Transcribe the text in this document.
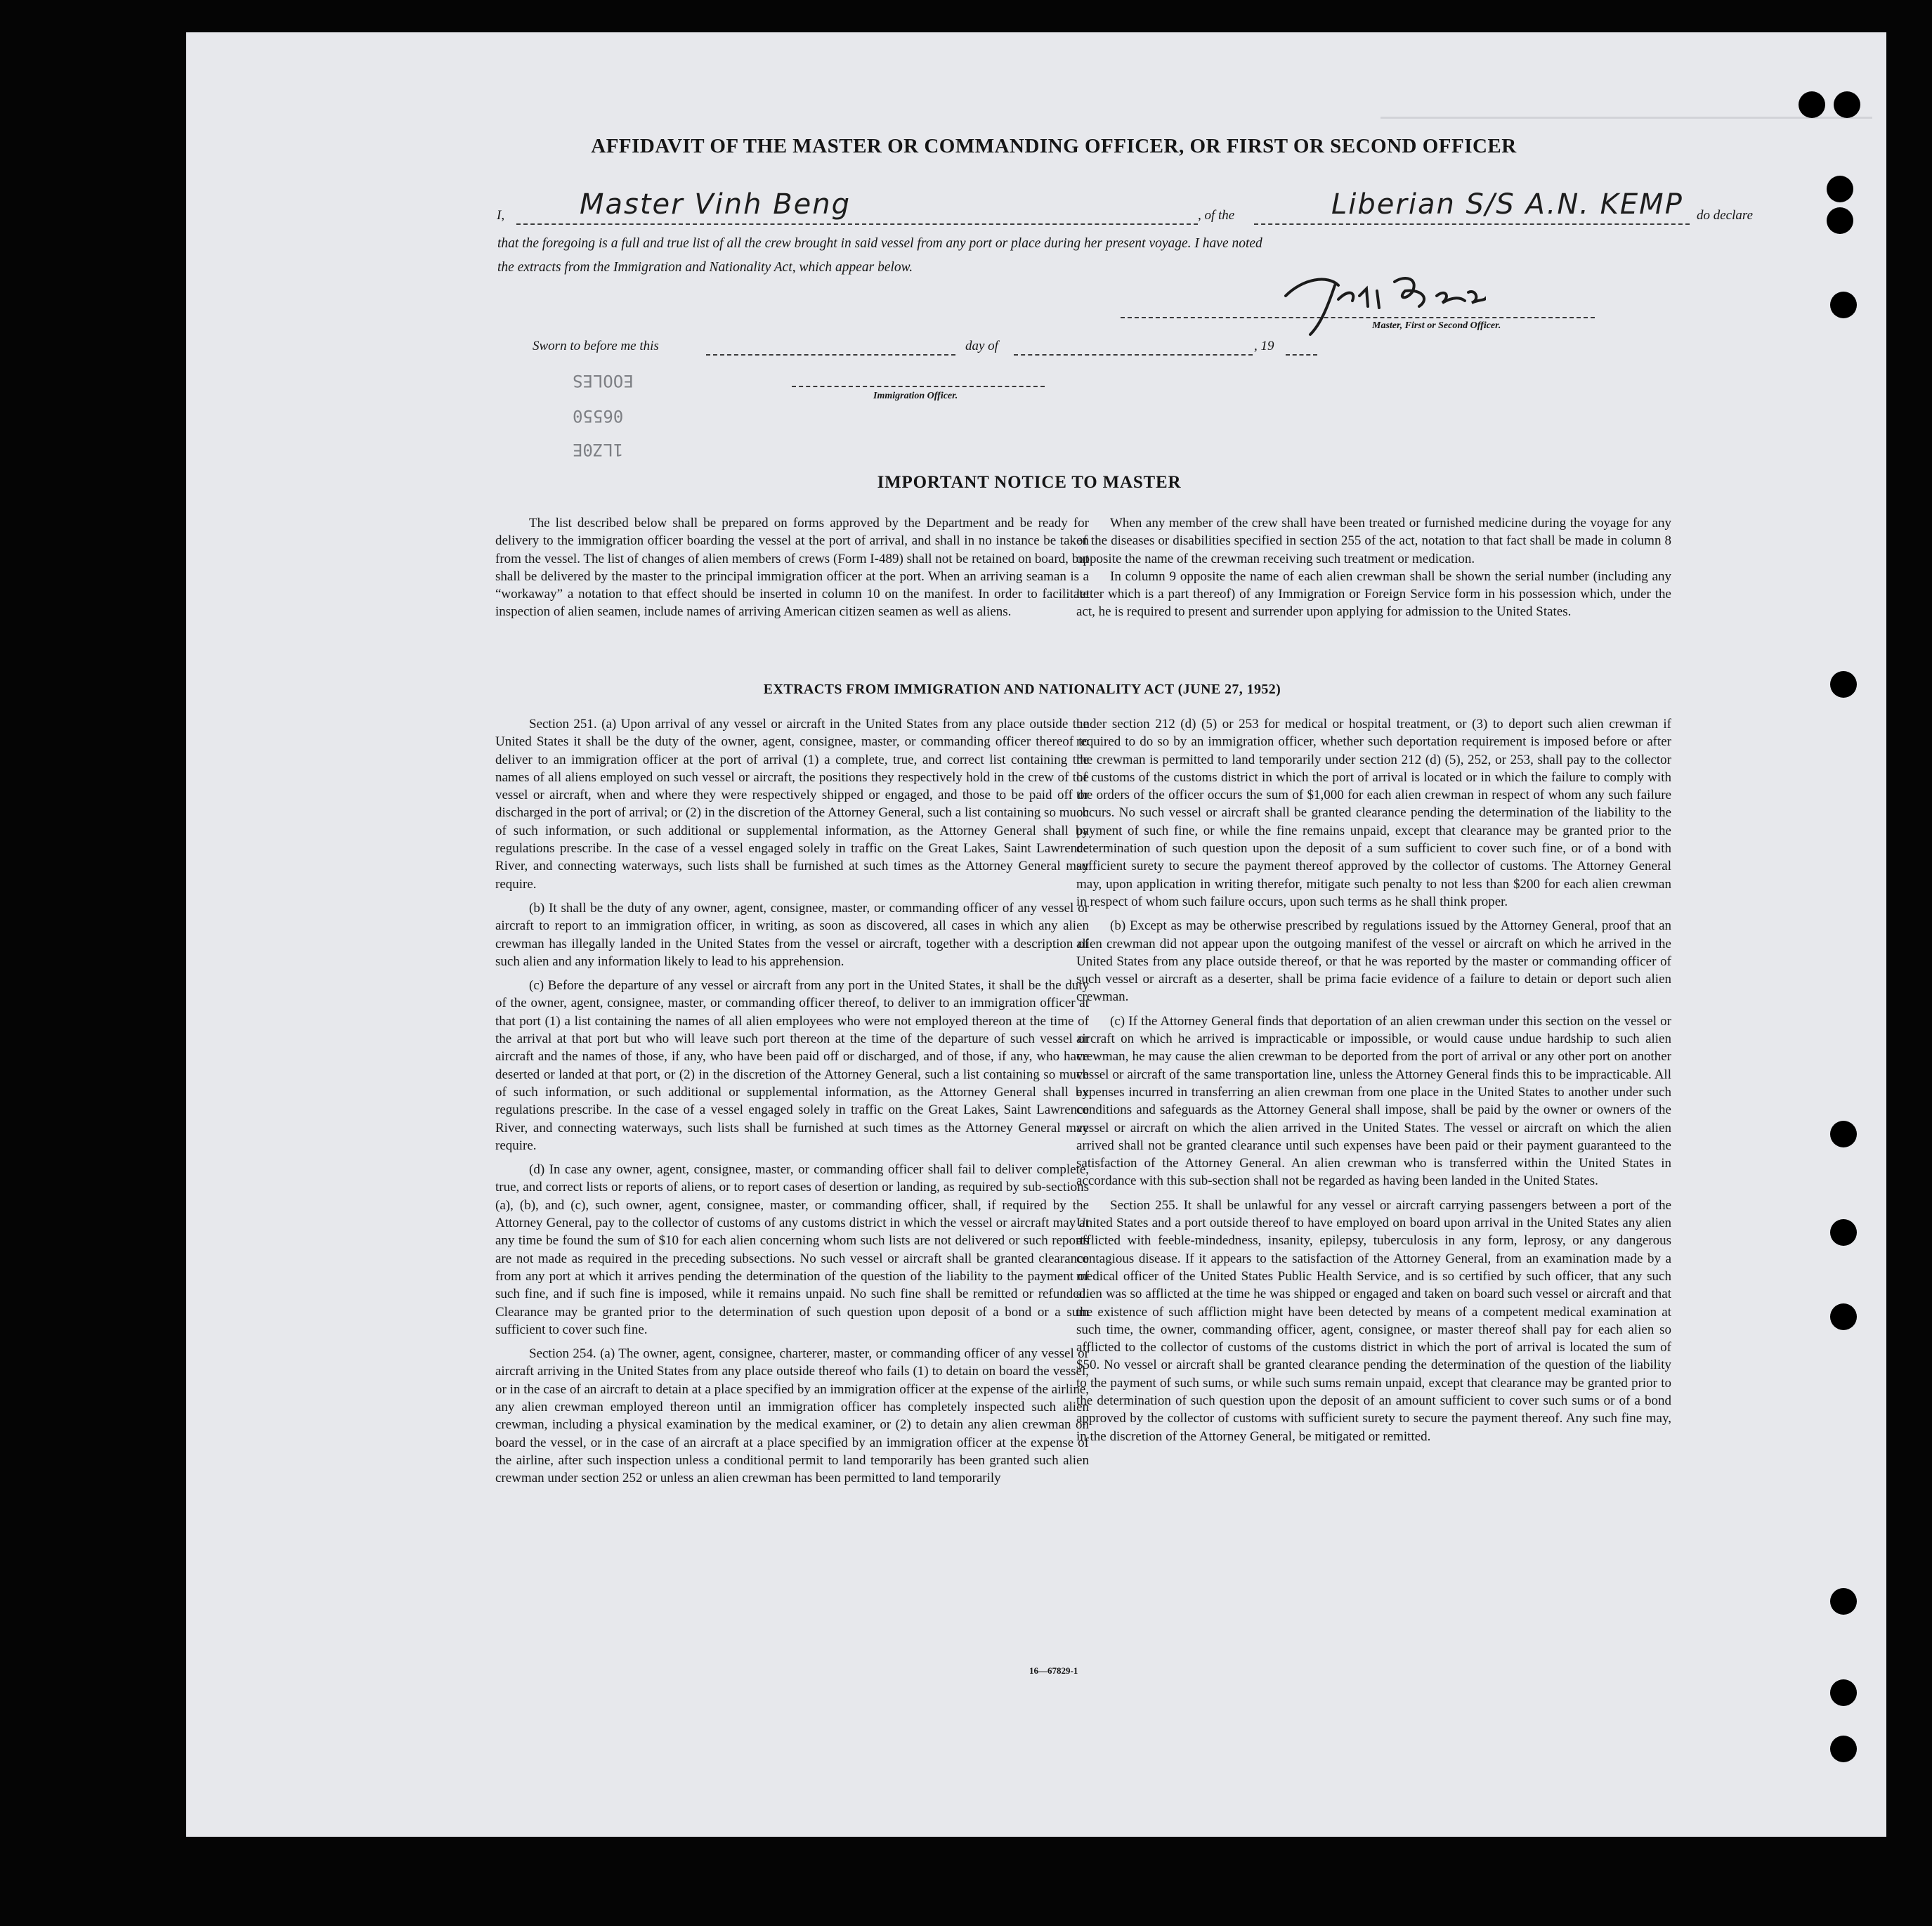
AFFIDAVIT OF THE MASTER OR COMMANDING OFFICER, OR FIRST OR SECOND OFFICER
I,	Master Vinh Beng	, of the	Liberian S/S A.N. KEMP do declare
that the foregoing is a full and true list of all the crew brought in said vessel from any port or place during her present voyage. I have noted
the extracts from the Immigration and Nationality Act, which appear below.
Master, First or Second Officer.
Sworn to before me this	day of	, 19
Immigration Officer.
EOOLES
06550
1LZ0E
IMPORTANT NOTICE TO MASTER

The list described below shall be prepared on forms approved by the Department and be ready for delivery to the immigration officer boarding the vessel at the port of arrival, and shall in no instance be taken from the vessel. The list of changes of alien members of crews (Form I-489) shall not be retained on board, but shall be delivered by the master to the principal immigration officer at the port. When an arriving seaman is a “workaway” a notation to that effect should be inserted in column 10 on the manifest. In order to facilitate inspection of alien seamen, include names of arriving American citizen seamen as well as aliens.

When any member of the crew shall have been treated or furnished medicine during the voyage for any of the diseases or disabilities specified in section 255 of the act, notation to that fact shall be made in column 8 opposite the name of the crewman receiving such treatment or medication.

In column 9 opposite the name of each alien crewman shall be shown the serial number (including any letter which is a part thereof) of any Immigration or Foreign Service form in his possession which, under the act, he is required to present and surrender upon applying for admission to the United States.

EXTRACTS FROM IMMIGRATION AND NATIONALITY ACT (JUNE 27, 1952)

Section 251. (a) Upon arrival of any vessel or aircraft in the United States from any place outside the United States it shall be the duty of the owner, agent, consignee, master, or commanding officer thereof to deliver to an immigration officer at the port of arrival (1) a complete, true, and correct list containing the names of all aliens employed on such vessel or aircraft, the positions they respectively hold in the crew of the vessel or aircraft, when and where they were respectively shipped or engaged, and those to be paid off or discharged in the port of arrival; or (2) in the discretion of the Attorney General, such a list containing so much of such information, or such additional or supplemental information, as the Attorney General shall by regulations prescribe. In the case of a vessel engaged solely in traffic on the Great Lakes, Saint Lawrence River, and connecting waterways, such lists shall be furnished at such times as the Attorney General may require.

(b) It shall be the duty of any owner, agent, consignee, master, or commanding officer of any vessel or aircraft to report to an immigration officer, in writing, as soon as discovered, all cases in which any alien crewman has illegally landed in the United States from the vessel or aircraft, together with a description of such alien and any information likely to lead to his apprehension.

(c) Before the departure of any vessel or aircraft from any port in the United States, it shall be the duty of the owner, agent, consignee, master, or commanding officer thereof, to deliver to an immigration officer at that port (1) a list containing the names of all alien employees who were not employed thereon at the time of the arrival at that port but who will leave such port thereon at the time of the departure of such vessel or aircraft and the names of those, if any, who have been paid off or discharged, and of those, if any, who have deserted or landed at that port, or (2) in the discretion of the Attorney General, such a list containing so much of such information, or such additional or supplemental information, as the Attorney General shall by regulations prescribe. In the case of a vessel engaged solely in traffic on the Great Lakes, Saint Lawrence River, and connecting waterways, such lists shall be furnished at such times as the Attorney General may require.

(d) In case any owner, agent, consignee, master, or commanding officer shall fail to deliver complete, true, and correct lists or reports of aliens, or to report cases of desertion or landing, as required by sub-sections (a), (b), and (c), such owner, agent, consignee, master, or commanding officer, shall, if required by the Attorney General, pay to the collector of customs of any customs district in which the vessel or aircraft may at any time be found the sum of $10 for each alien concerning whom such lists are not delivered or such reports are not made as required in the preceding subsections. No such vessel or aircraft shall be granted clearance from any port at which it arrives pending the determination of the question of the liability to the payment of such fine, and if such fine is imposed, while it remains unpaid. No such fine shall be remitted or refunded. Clearance may be granted prior to the determination of such question upon deposit of a bond or a sum sufficient to cover such fine.

Section 254. (a) The owner, agent, consignee, charterer, master, or commanding officer of any vessel or aircraft arriving in the United States from any place outside thereof who fails (1) to detain on board the vessel, or in the case of an aircraft to detain at a place specified by an immigration officer at the expense of the airline, any alien crewman employed thereon until an immigration officer has completely inspected such alien crewman, including a physical examination by the medical examiner, or (2) to detain any alien crewman on board the vessel, or in the case of an aircraft at a place specified by an immigration officer at the expense of the airline, after such inspection unless a conditional permit to land temporarily has been granted such alien crewman under section 252 or unless an alien crewman has been permitted to land temporarily

under section 212 (d) (5) or 253 for medical or hospital treatment, or (3) to deport such alien crewman if required to do so by an immigration officer, whether such deportation requirement is imposed before or after the crewman is permitted to land temporarily under section 212 (d) (5), 252, or 253, shall pay to the collector of customs of the customs district in which the port of arrival is located or in which the failure to comply with the orders of the officer occurs the sum of $1,000 for each alien crewman in respect of whom any such failure occurs. No such vessel or aircraft shall be granted clearance pending the determination of the liability to the payment of such fine, or while the fine remains unpaid, except that clearance may be granted prior to the determination of such question upon the deposit of a sum sufficient to cover such fine, or of a bond with sufficient surety to secure the payment thereof approved by the collector of customs. The Attorney General may, upon application in writing therefor, mitigate such penalty to not less than $200 for each alien crewman in respect of whom such failure occurs, upon such terms as he shall think proper.

(b) Except as may be otherwise prescribed by regulations issued by the Attorney General, proof that an alien crewman did not appear upon the outgoing manifest of the vessel or aircraft on which he arrived in the United States from any place outside thereof, or that he was reported by the master or commanding officer of such vessel or aircraft as a deserter, shall be prima facie evidence of a failure to detain or deport such alien crewman.

(c) If the Attorney General finds that deportation of an alien crewman under this section on the vessel or aircraft on which he arrived is impracticable or impossible, or would cause undue hardship to such alien crewman, he may cause the alien crewman to be deported from the port of arrival or any other port on another vessel or aircraft of the same transportation line, unless the Attorney General finds this to be impracticable. All expenses incurred in transferring an alien crewman from one place in the United States to another under such conditions and safeguards as the Attorney General shall impose, shall be paid by the owner or owners of the vessel or aircraft on which the alien arrived in the United States. The vessel or aircraft on which the alien arrived shall not be granted clearance until such expenses have been paid or their payment guaranteed to the satisfaction of the Attorney General. An alien crewman who is transferred within the United States in accordance with this sub-section shall not be regarded as having been landed in the United States.

Section 255. It shall be unlawful for any vessel or aircraft carrying passengers between a port of the United States and a port outside thereof to have employed on board upon arrival in the United States any alien afflicted with feeble-mindedness, insanity, epilepsy, tuberculosis in any form, leprosy, or any dangerous contagious disease. If it appears to the satisfaction of the Attorney General, from an examination made by a medical officer of the United States Public Health Service, and is so certified by such officer, that any such alien was so afflicted at the time he was shipped or engaged and taken on board such vessel or aircraft and that the existence of such affliction might have been detected by means of a competent medical examination at such time, the owner, commanding officer, agent, consignee, or master thereof shall pay for each alien so afflicted to the collector of customs of the customs district in which the port of arrival is located the sum of $50. No vessel or aircraft shall be granted clearance pending the determination of the question of the liability to the payment of such sums, or while such sums remain unpaid, except that clearance may be granted prior to the determination of such question upon the deposit of an amount sufficient to cover such sums or of a bond approved by the collector of customs with sufficient surety to secure the payment thereof. Any such fine may, in the discretion of the Attorney General, be mitigated or remitted.

16—67829-1
